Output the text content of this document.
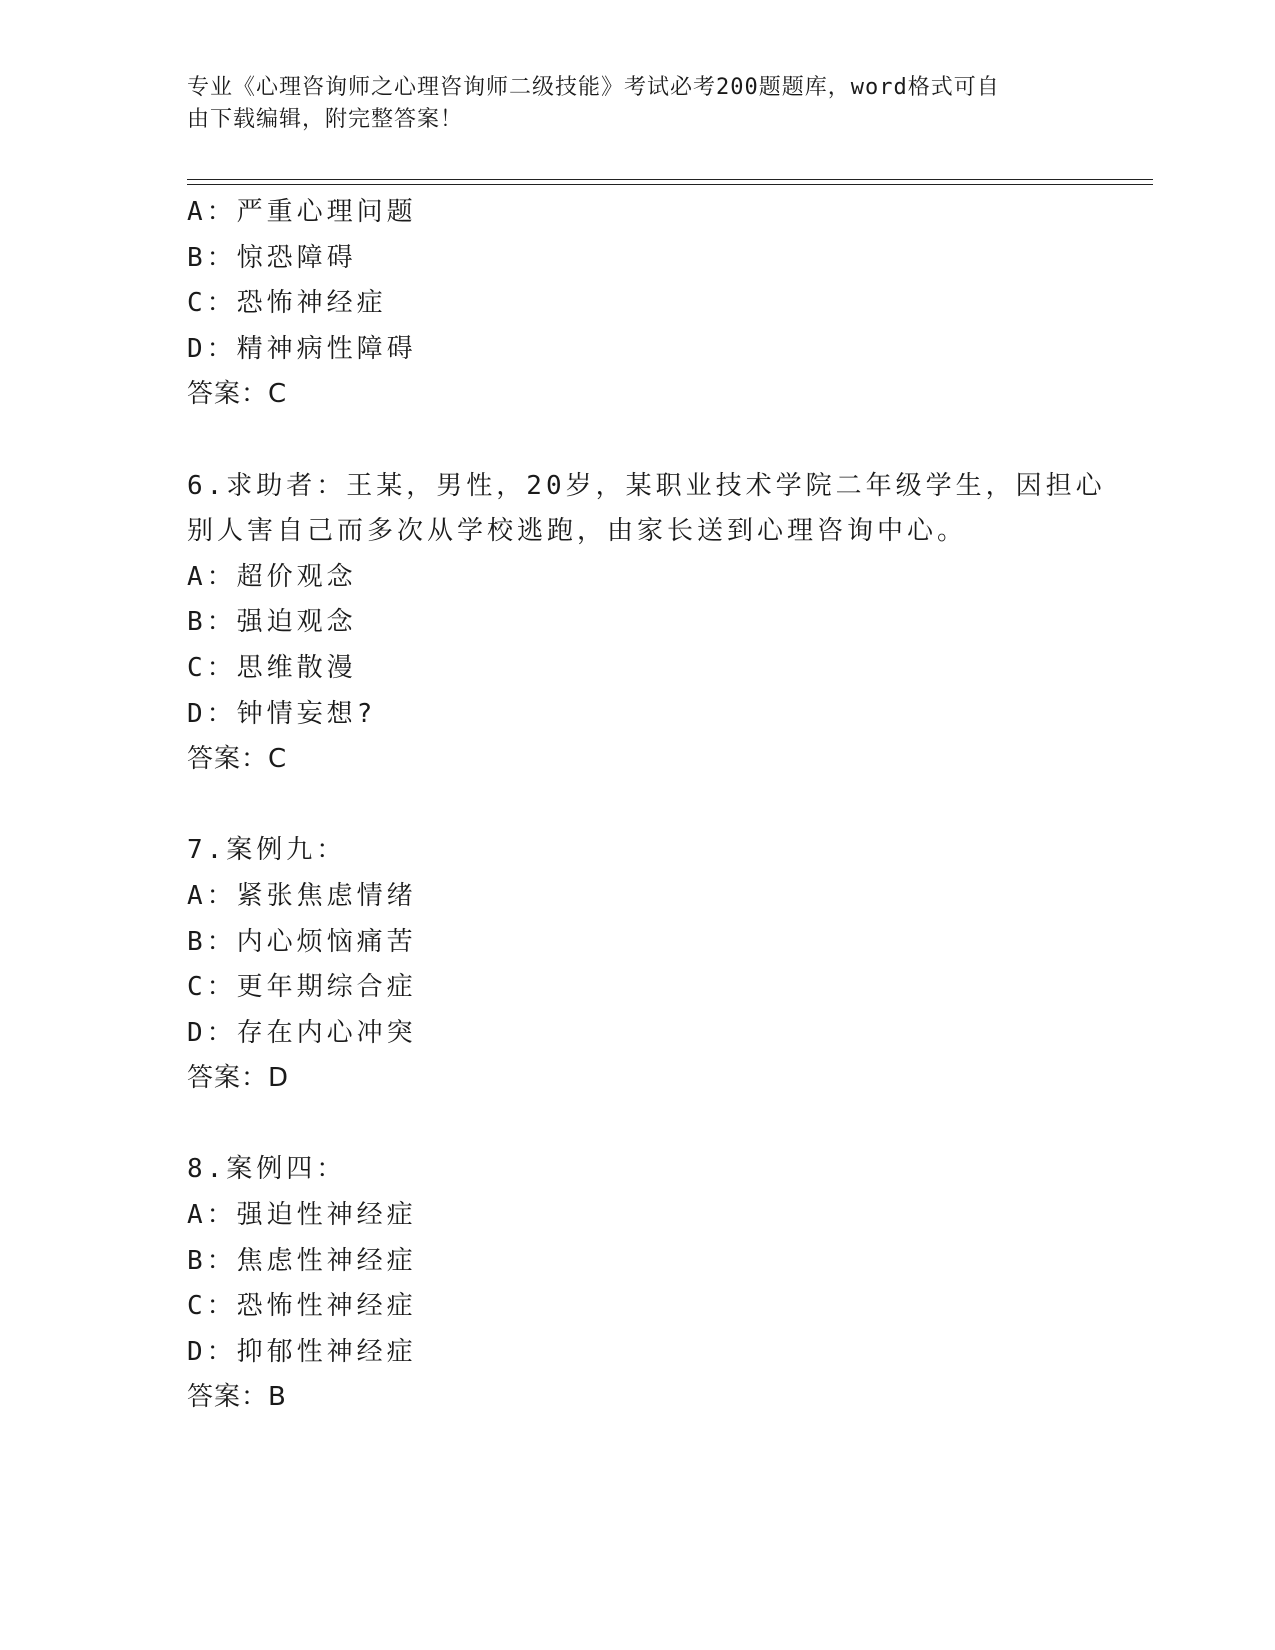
专业《心理咨询师之心理咨询师二级技能》考试必考200题题库，word格式可自
由下载编辑，附完整答案！
A：严重心理问题
B：惊恐障碍
C：恐怖神经症
D：精神病性障碍
答案：C
6.求助者：王某，男性，20岁，某职业技术学院二年级学生，因担心
别人害自己而多次从学校逃跑，由家长送到心理咨询中心。
A：超价观念
B：强迫观念
C：思维散漫
D：钟情妄想?
答案：C
7.案例九：
A：紧张焦虑情绪
B：内心烦恼痛苦
C：更年期综合症
D：存在内心冲突
答案：D
8.案例四：
A：强迫性神经症
B：焦虑性神经症
C：恐怖性神经症
D：抑郁性神经症
答案：B
